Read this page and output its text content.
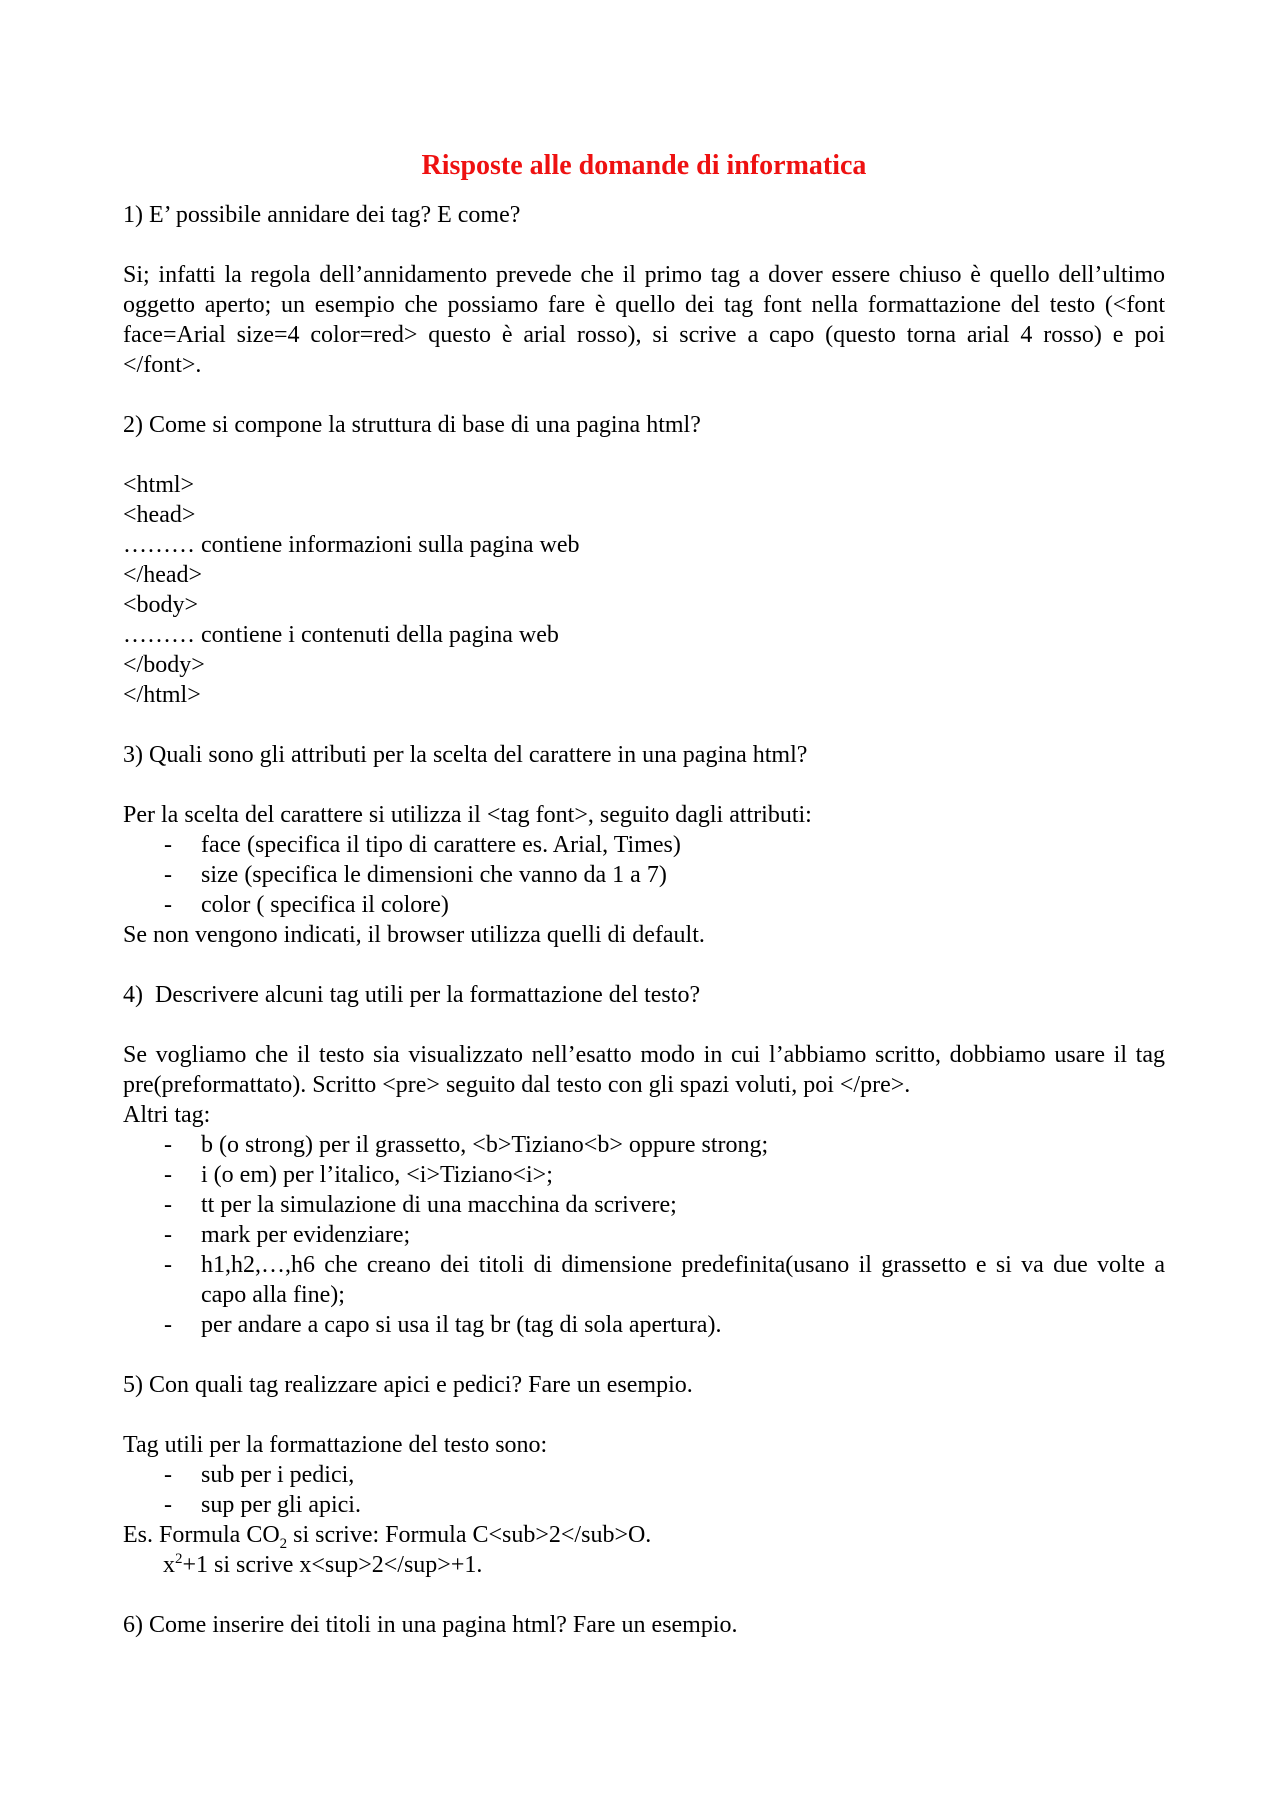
Risposte alle domande di informatica

1) E’ possibile annidare dei tag? E come?

Si; infatti la regola dell’annidamento prevede che il primo tag a dover essere chiuso è quello dell’ultimo oggetto aperto; un esempio che possiamo fare è quello dei tag font nella formattazione del testo (<font face=Arial size=4 color=red> questo è arial rosso), si scrive a capo (questo torna arial 4 rosso) e poi </font>.

2) Come si compone la struttura di base di una pagina html?

<html>

<head>

……… contiene informazioni sulla pagina web

</head>

<body>

……… contiene i contenuti della pagina web

</body>

</html>

3) Quali sono gli attributi per la scelta del carattere in una pagina html?

Per la scelta del carattere si utilizza il <tag font>, seguito dagli attributi:

- face (specifica il tipo di carattere es. Arial, Times)
- size (specifica le dimensioni che vanno da 1 a 7)
- color ( specifica il colore)

Se non vengono indicati, il browser utilizza quelli di default.

4)  Descrivere alcuni tag utili per la formattazione del testo?

Se vogliamo che il testo sia visualizzato nell’esatto modo in cui l’abbiamo scritto, dobbiamo usare il tag pre(preformattato). Scritto <pre> seguito dal testo con gli spazi voluti, poi </pre>.

Altri tag:

- b (o strong) per il grassetto, <b>Tiziano<b> oppure strong;
- i (o em) per l’italico, <i>Tiziano<i>;
- tt per la simulazione di una macchina da scrivere;
- mark per evidenziare;
- h1,h2,…,h6 che creano dei titoli di dimensione predefinita(usano il grassetto e si va due volte a capo alla fine);
- per andare a capo si usa il tag br (tag di sola apertura).

5) Con quali tag realizzare apici e pedici? Fare un esempio.

Tag utili per la formattazione del testo sono:

- sub per i pedici,
- sup per gli apici.

Es. Formula $CO_2$ si scrive: Formula C<sub>2</sub>O.

$x^2+1$ si scrive x<sup>2</sup>+1.

6) Come inserire dei titoli in una pagina html? Fare un esempio.
